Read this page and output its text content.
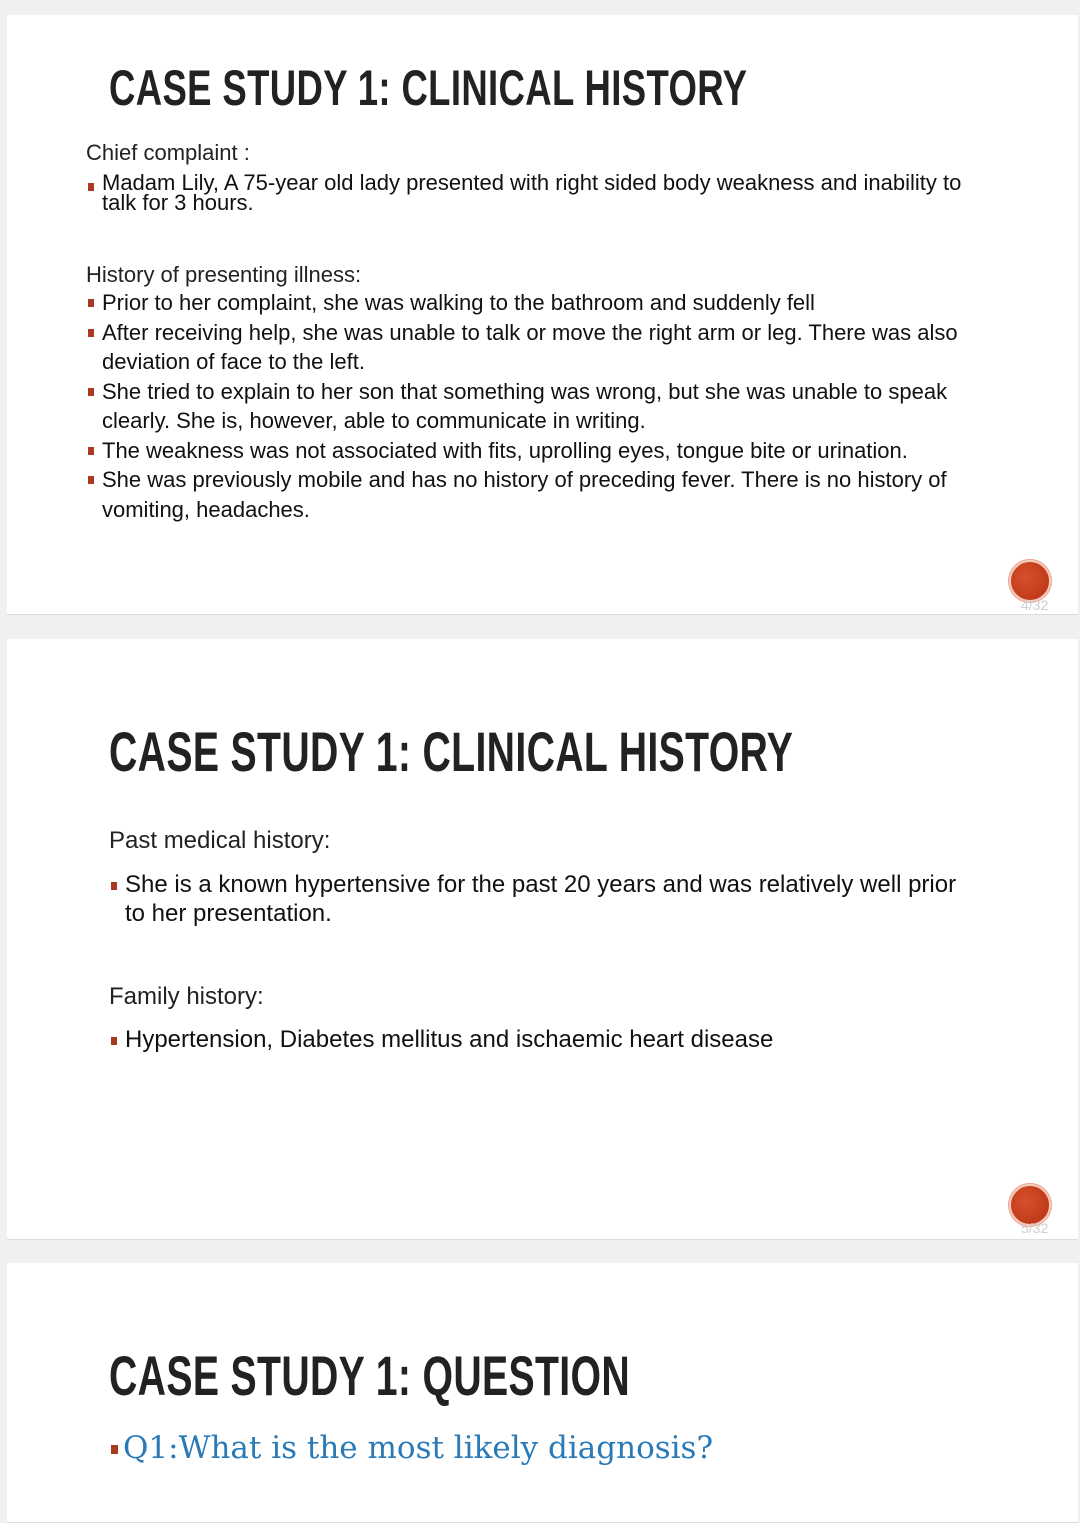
CASE STUDY 1: CLINICAL HISTORY

Chief complaint :

Madam Lily, A 75-year old lady presented with right sided body weakness and inability to talk for 3 hours.

History of presenting illness:

Prior to her complaint, she was walking to the bathroom and suddenly fell
After receiving help, she was unable to talk or move the right arm or leg. There was also deviation of face to the left.
She tried to explain to her son that something was wrong, but she was unable to speak clearly. She is, however, able to communicate in writing.
The weakness was not associated with fits, uprolling eyes, tongue bite or urination.
She was previously mobile and has no history of preceding fever. There is no history of vomiting, headaches.
4/32
CASE STUDY 1: CLINICAL HISTORY

Past medical history:

She is a known hypertensive for the past 20 years and was relatively well prior to her presentation.

Family history:

Hypertension, Diabetes mellitus and ischaemic heart disease
5/32
CASE STUDY 1: QUESTION
Q1:What is the most likely diagnosis?
